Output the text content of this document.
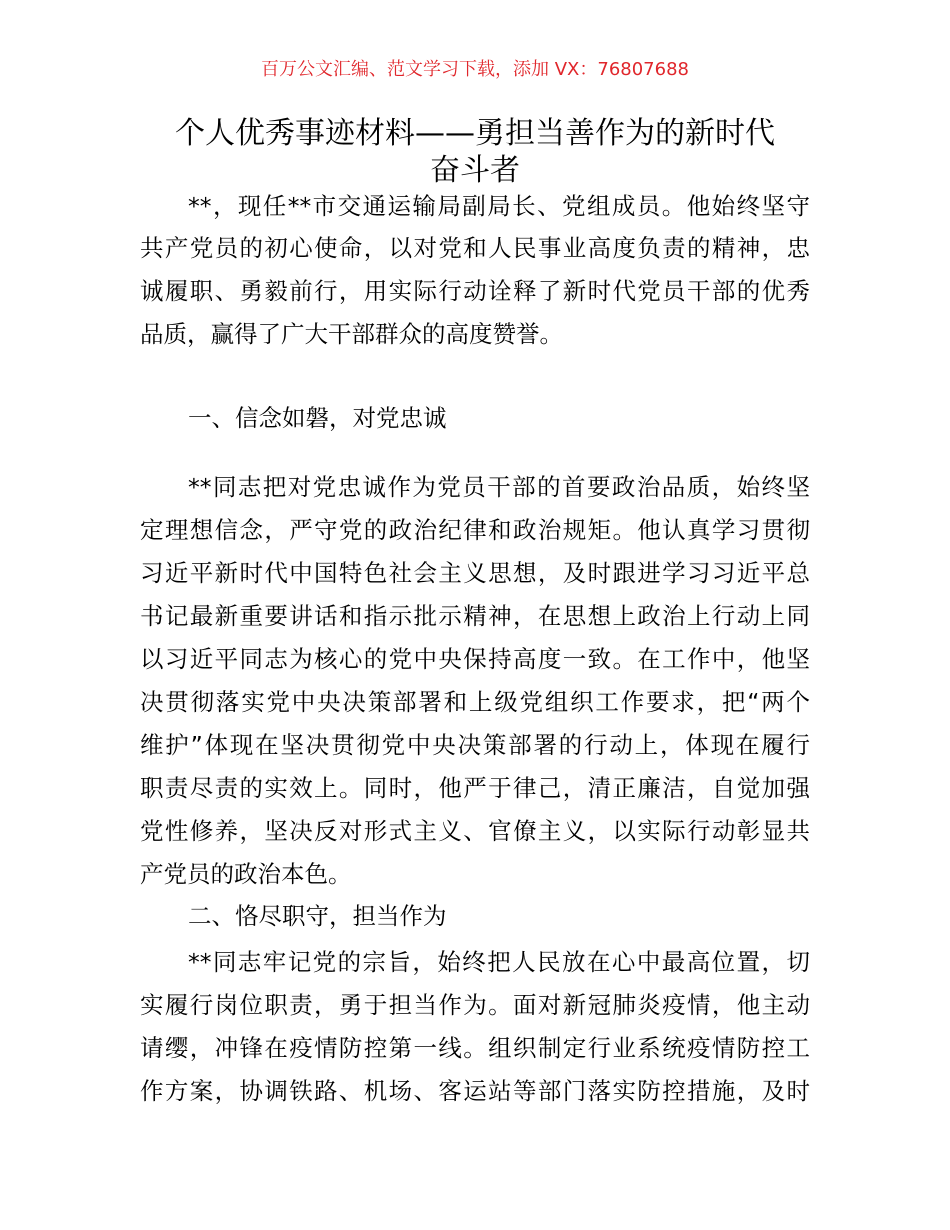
百万公文汇编、范文学习下载，添加 VX：76807688
个人优秀事迹材料——勇担当善作为的新时代
奋斗者
**，现任**市交通运输局副局长、党组成员。他始终坚守
共产党员的初心使命，以对党和人民事业高度负责的精神，忠
诚履职、勇毅前行，用实际行动诠释了新时代党员干部的优秀
品质，赢得了广大干部群众的高度赞誉。
一、信念如磐，对党忠诚
**同志把对党忠诚作为党员干部的首要政治品质，始终坚
定理想信念，严守党的政治纪律和政治规矩。他认真学习贯彻
习近平新时代中国特色社会主义思想，及时跟进学习习近平总
书记最新重要讲话和指示批示精神，在思想上政治上行动上同
以习近平同志为核心的党中央保持高度一致。在工作中，他坚
决贯彻落实党中央决策部署和上级党组织工作要求，把“两个
维护”体现在坚决贯彻党中央决策部署的行动上，体现在履行
职责尽责的实效上。同时，他严于律己，清正廉洁，自觉加强
党性修养，坚决反对形式主义、官僚主义，以实际行动彰显共
产党员的政治本色。
二、恪尽职守，担当作为
**同志牢记党的宗旨，始终把人民放在心中最高位置，切
实履行岗位职责，勇于担当作为。面对新冠肺炎疫情，他主动
请缨，冲锋在疫情防控第一线。组织制定行业系统疫情防控工
作方案，协调铁路、机场、客运站等部门落实防控措施，及时
